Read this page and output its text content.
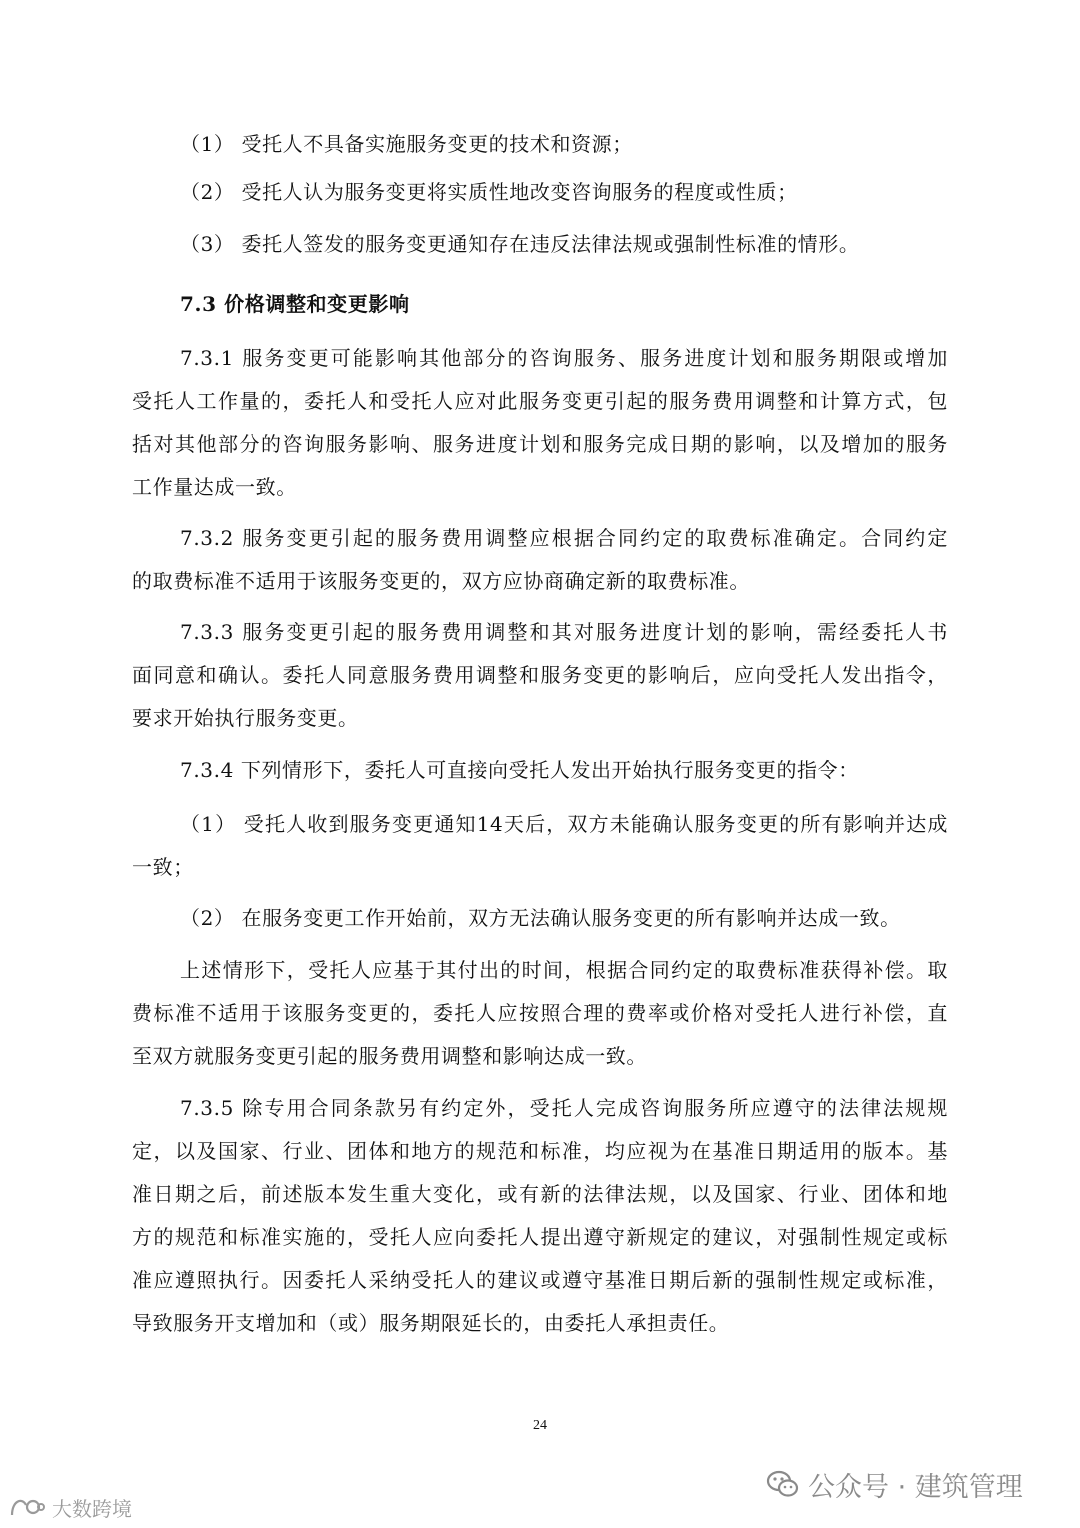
（1） 受托人不具备实施服务变更的技术和资源；
（2） 受托人认为服务变更将实质性地改变咨询服务的程度或性质；
（3） 委托人签发的服务变更通知存在违反法律法规或强制性标准的情形。
7.3 价格调整和变更影响
7.3.1 服务变更可能影响其他部分的咨询服务、服务进度计划和服务期限或增加
受托人工作量的，委托人和受托人应对此服务变更引起的服务费用调整和计算方式，包
括对其他部分的咨询服务影响、服务进度计划和服务完成日期的影响，以及增加的服务
工作量达成一致。
7.3.2 服务变更引起的服务费用调整应根据合同约定的取费标准确定。合同约定
的取费标准不适用于该服务变更的，双方应协商确定新的取费标准。
7.3.3 服务变更引起的服务费用调整和其对服务进度计划的影响，需经委托人书
面同意和确认。委托人同意服务费用调整和服务变更的影响后，应向受托人发出指令，
要求开始执行服务变更。
7.3.4 下列情形下，委托人可直接向受托人发出开始执行服务变更的指令：
（1） 受托人收到服务变更通知14天后，双方未能确认服务变更的所有影响并达成
一致；
（2） 在服务变更工作开始前，双方无法确认服务变更的所有影响并达成一致。
上述情形下，受托人应基于其付出的时间，根据合同约定的取费标准获得补偿。取
费标准不适用于该服务变更的，委托人应按照合理的费率或价格对受托人进行补偿，直
至双方就服务变更引起的服务费用调整和影响达成一致。
7.3.5 除专用合同条款另有约定外，受托人完成咨询服务所应遵守的法律法规规
定，以及国家、行业、团体和地方的规范和标准，均应视为在基准日期适用的版本。基
准日期之后，前述版本发生重大变化，或有新的法律法规，以及国家、行业、团体和地
方的规范和标准实施的，受托人应向委托人提出遵守新规定的建议，对强制性规定或标
准应遵照执行。因委托人采纳受托人的建议或遵守基准日期后新的强制性规定或标准，
导致服务开支增加和（或）服务期限延长的，由委托人承担责任。
24
公众号 · 建筑管理
大数跨境
